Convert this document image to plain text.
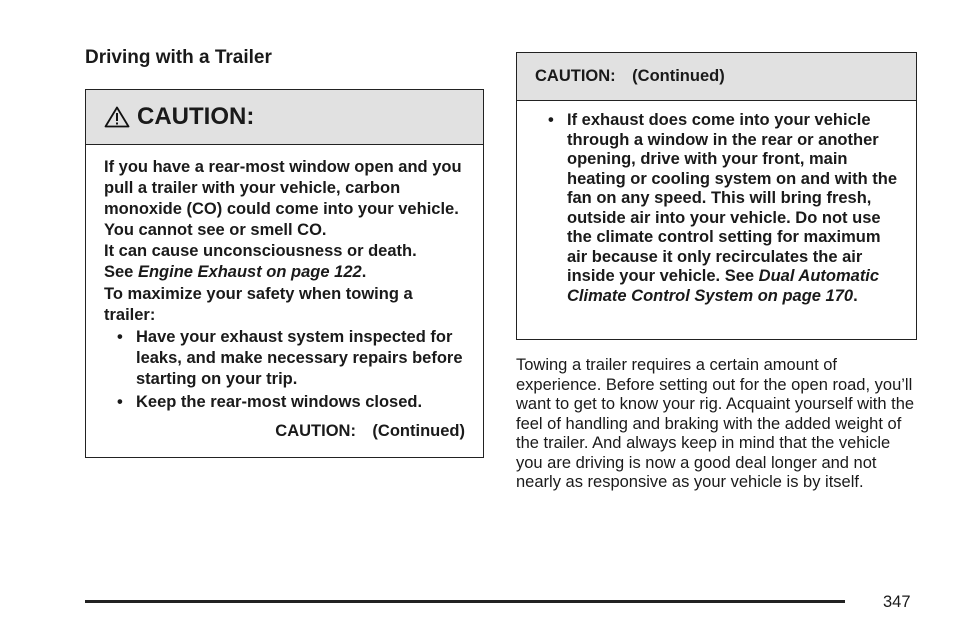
Driving with a Trailer
CAUTION:

If you have a rear-most window open and you pull a trailer with your vehicle, carbon monoxide (CO) could come into your vehicle. You cannot see or smell CO.

It can cause unconsciousness or death.

See Engine Exhaust on page 122.

To maximize your safety when towing a trailer:

• Have your exhaust system inspected for leaks, and make necessary repairs before starting on your trip.
• Keep the rear-most windows closed.

CAUTION: (Continued)

CAUTION: (Continued)
• If exhaust does come into your vehicle through a window in the rear or another opening, drive with your front, main heating or cooling system on and with the fan on any speed. This will bring fresh, outside air into your vehicle. Do not use the climate control setting for maximum air because it only recirculates the air inside your vehicle. See Dual Automatic Climate Control System on page 170.

Towing a trailer requires a certain amount of experience. Before setting out for the open road, you’ll want to get to know your rig. Acquaint yourself with the feel of handling and braking with the added weight of the trailer. And always keep in mind that the vehicle you are driving is now a good deal longer and not nearly as responsive as your vehicle is by itself.

347
